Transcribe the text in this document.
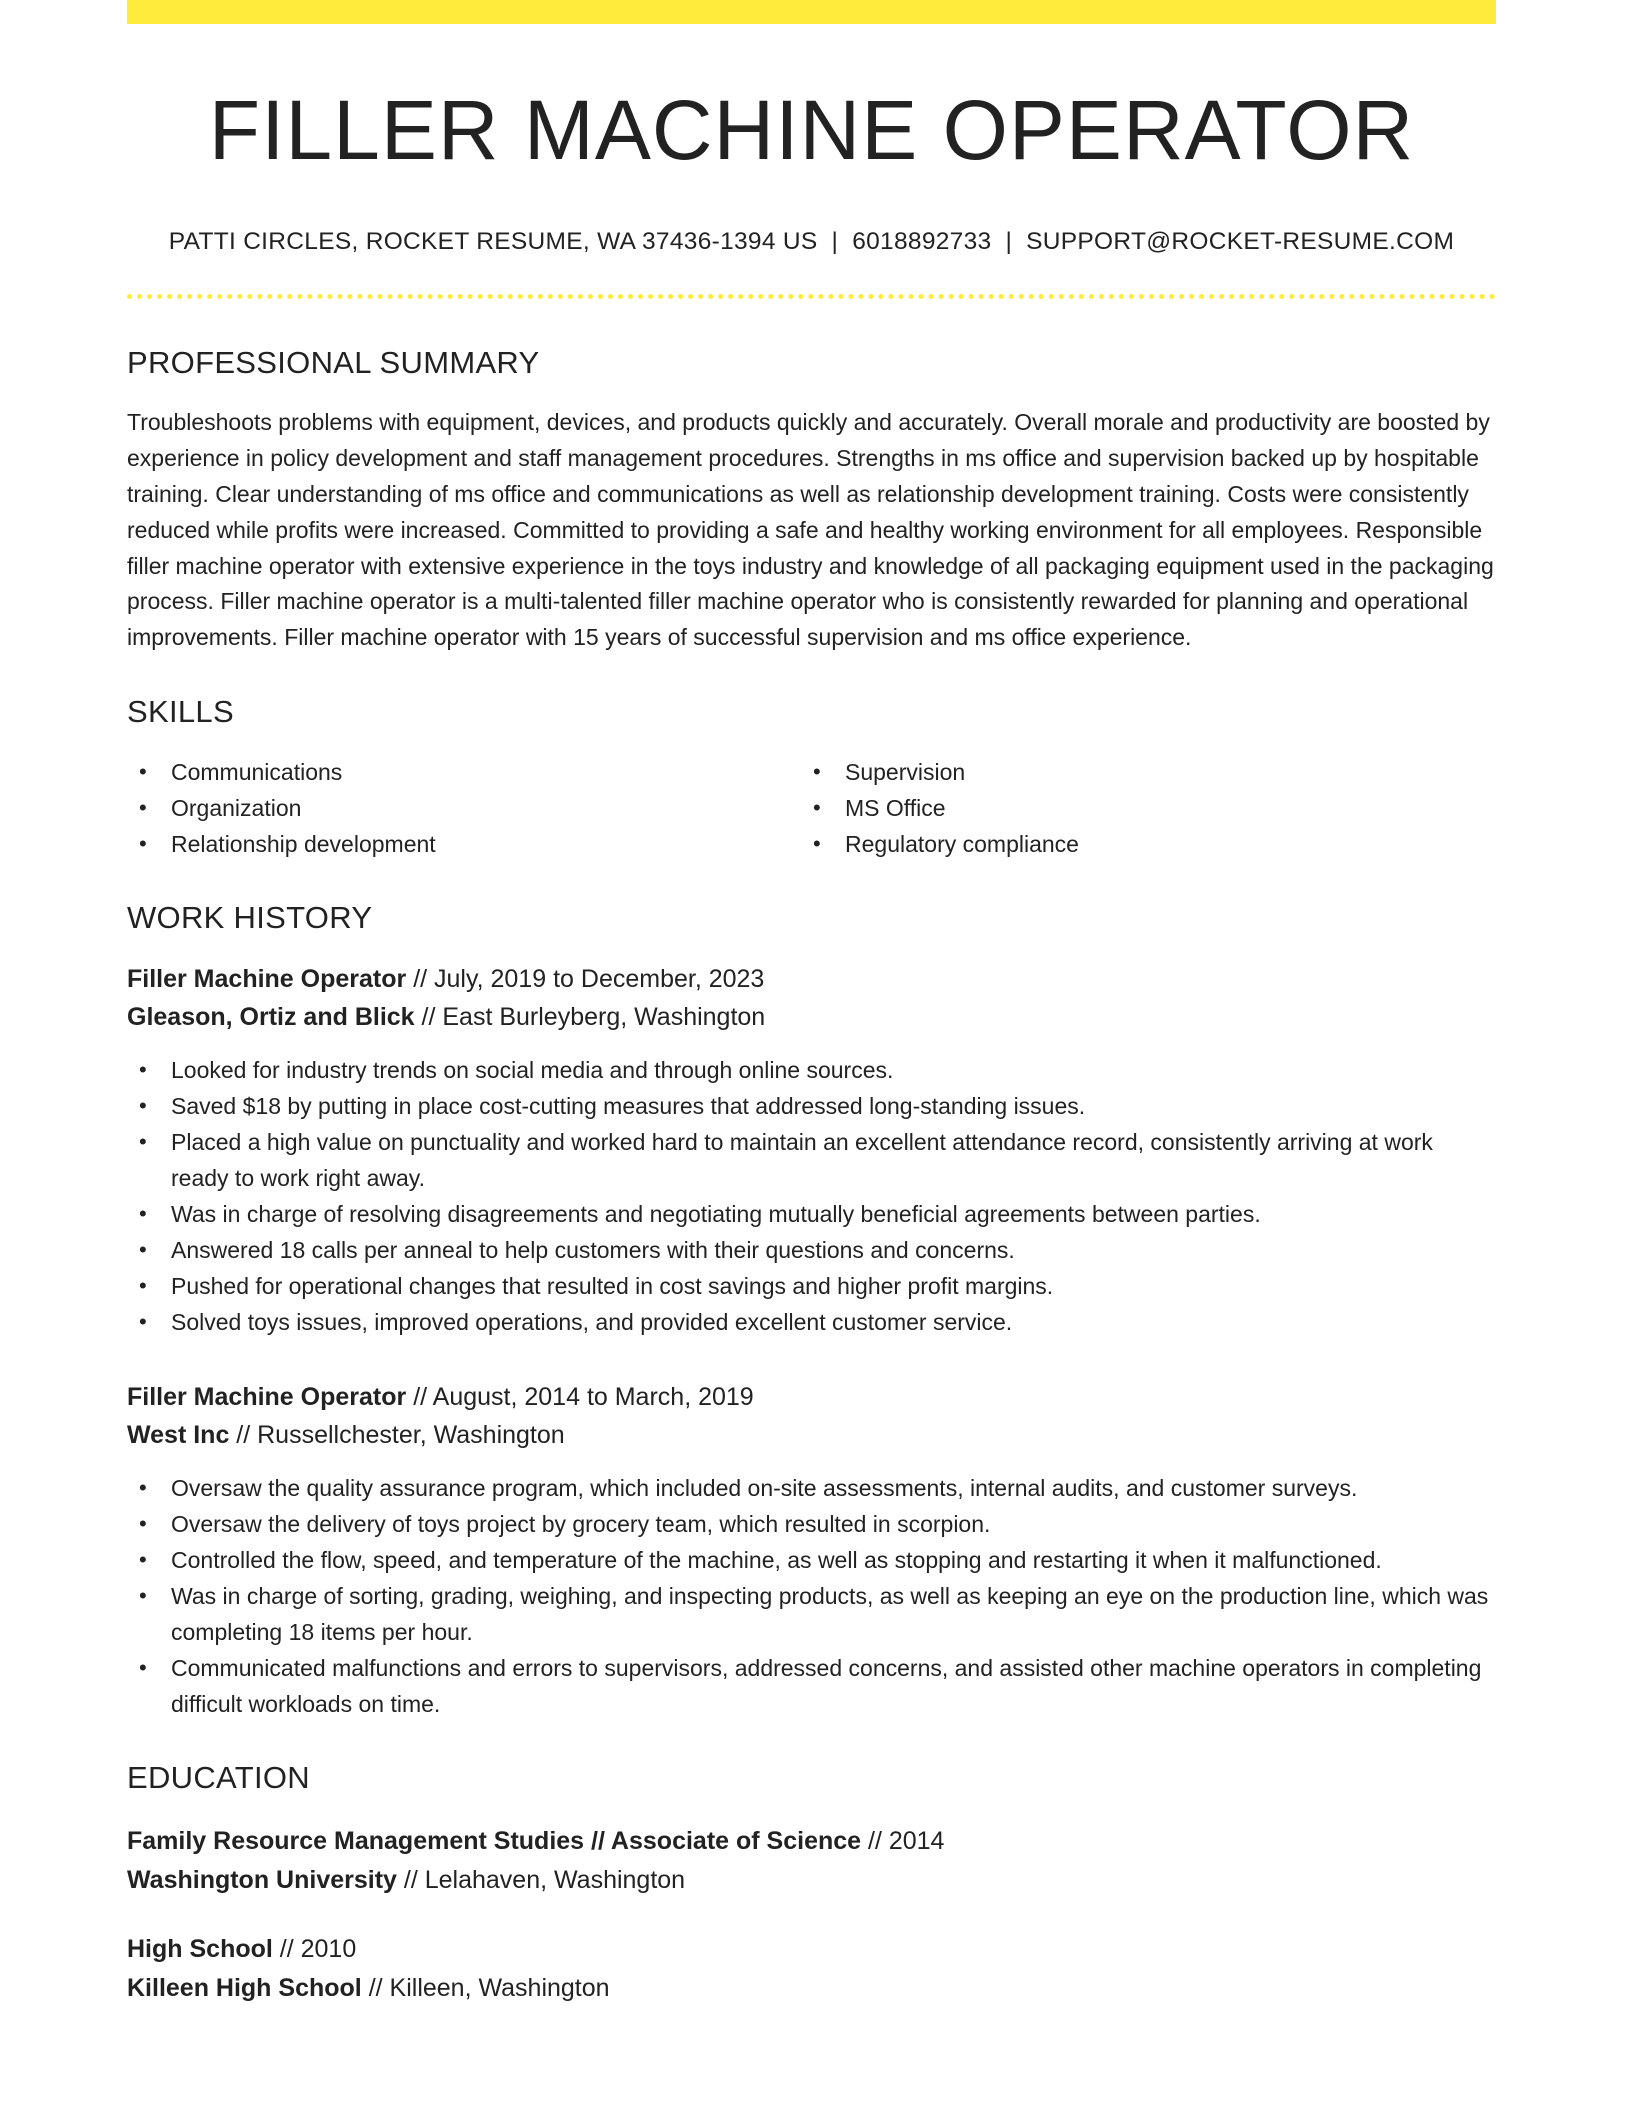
FILLER MACHINE OPERATOR
PATTI CIRCLES, ROCKET RESUME, WA 37436-1394 US | 6018892733 | SUPPORT@ROCKET-RESUME.COM
PROFESSIONAL SUMMARY

Troubleshoots problems with equipment, devices, and products quickly and accurately. Overall morale and productivity are boosted by experience in policy development and staff management procedures. Strengths in ms office and supervision backed up by hospitable training. Clear understanding of ms office and communications as well as relationship development training. Costs were consistently reduced while profits were increased. Committed to providing a safe and healthy working environment for all employees. Responsible filler machine operator with extensive experience in the toys industry and knowledge of all packaging equipment used in the packaging process. Filler machine operator is a multi-talented filler machine operator who is consistently rewarded for planning and operational improvements. Filler machine operator with 15 years of successful supervision and ms office experience.

SKILLS
• Communications
• Organization
• Relationship development
• Supervision
• MS Office
• Regulatory compliance
WORK HISTORY
Filler Machine Operator // July, 2019 to December, 2023
Gleason, Ortiz and Blick // East Burleyberg, Washington
• Looked for industry trends on social media and through online sources.
• Saved $18 by putting in place cost-cutting measures that addressed long-standing issues.
• Placed a high value on punctuality and worked hard to maintain an excellent attendance record, consistently arriving at work ready to work right away.
• Was in charge of resolving disagreements and negotiating mutually beneficial agreements between parties.
• Answered 18 calls per anneal to help customers with their questions and concerns.
• Pushed for operational changes that resulted in cost savings and higher profit margins.
• Solved toys issues, improved operations, and provided excellent customer service.
Filler Machine Operator // August, 2014 to March, 2019
West Inc // Russellchester, Washington
• Oversaw the quality assurance program, which included on-site assessments, internal audits, and customer surveys.
• Oversaw the delivery of toys project by grocery team, which resulted in scorpion.
• Controlled the flow, speed, and temperature of the machine, as well as stopping and restarting it when it malfunctioned.
• Was in charge of sorting, grading, weighing, and inspecting products, as well as keeping an eye on the production line, which was completing 18 items per hour.
• Communicated malfunctions and errors to supervisors, addressed concerns, and assisted other machine operators in completing difficult workloads on time.
EDUCATION
Family Resource Management Studies // Associate of Science // 2014
Washington University // Lelahaven, Washington
High School // 2010
Killeen High School // Killeen, Washington
